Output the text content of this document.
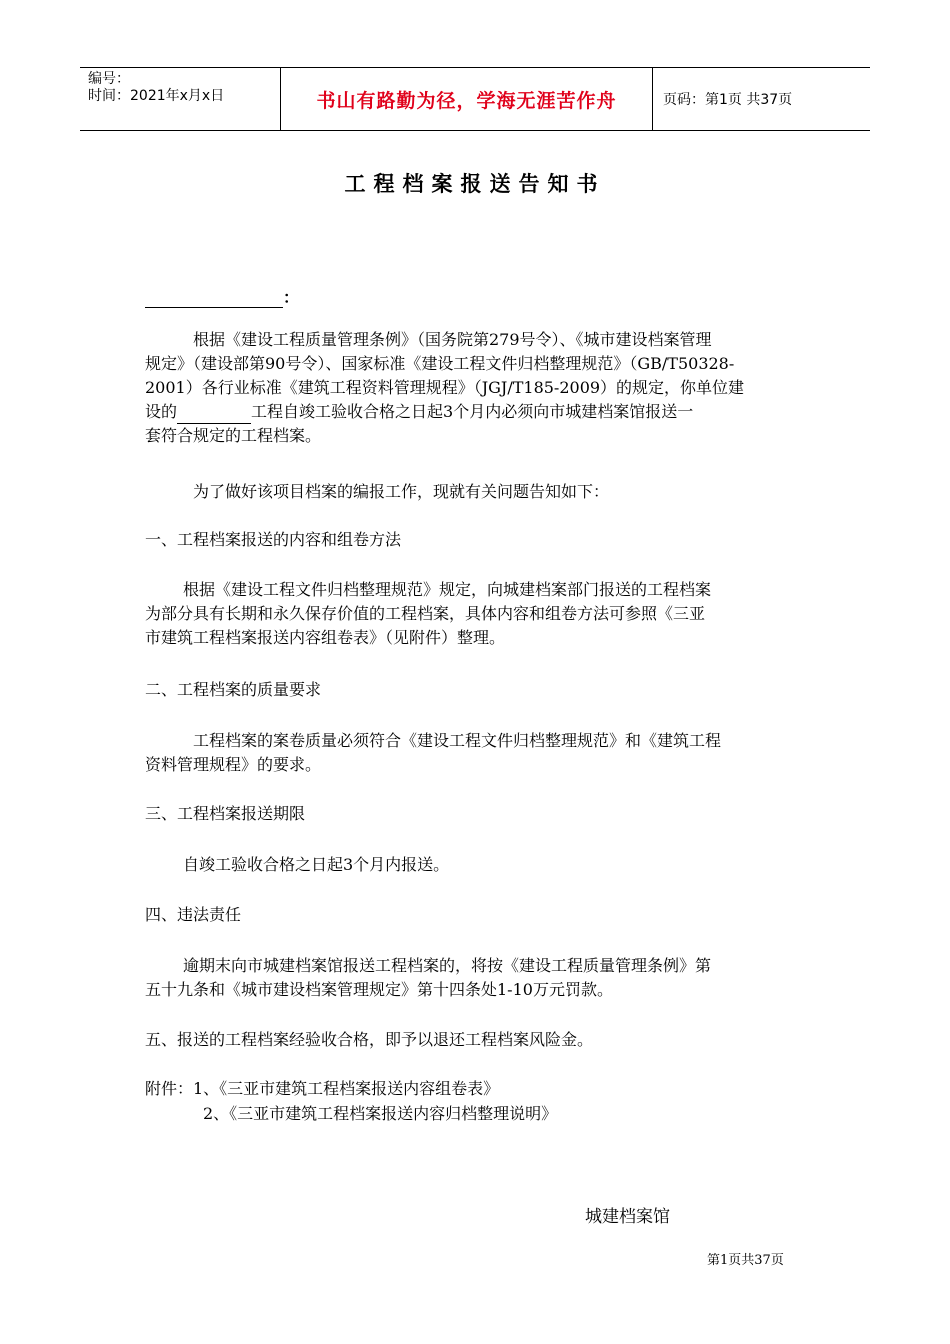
编号：
时间：2021年x月x日	书山有路勤为径，学海无涯苦作舟	页码：第1页 共37页
工程档案报送告知书
：
根据《建设工程质量管理条例》（国务院第279号令）、《城市建设档案管理
规定》（建设部第90号令）、国家标准《建设工程文件归档整理规范》（GB/T50328-
2001）各行业标准《建筑工程资料管理规程》（JGJ/T185-2009）的规定，你单位建
设的	工程自竣工验收合格之日起3个月内必须向市城建档案馆报送一
套符合规定的工程档案。
为了做好该项目档案的编报工作，现就有关问题告知如下：
一、工程档案报送的内容和组卷方法
根据《建设工程文件归档整理规范》规定，向城建档案部门报送的工程档案
为部分具有长期和永久保存价值的工程档案，具体内容和组卷方法可参照《三亚
市建筑工程档案报送内容组卷表》（见附件）整理。
二、工程档案的质量要求
工程档案的案卷质量必须符合《建设工程文件归档整理规范》和《建筑工程
资料管理规程》的要求。
三、工程档案报送期限
自竣工验收合格之日起3个月内报送。
四、违法责任
逾期末向市城建档案馆报送工程档案的，将按《建设工程质量管理条例》第
五十九条和《城市建设档案管理规定》第十四条处1-10万元罚款。
五、报送的工程档案经验收合格，即予以退还工程档案风险金。
附件：1、《三亚市建筑工程档案报送内容组卷表》
2、《三亚市建筑工程档案报送内容归档整理说明》
城建档案馆
第1页共37页
